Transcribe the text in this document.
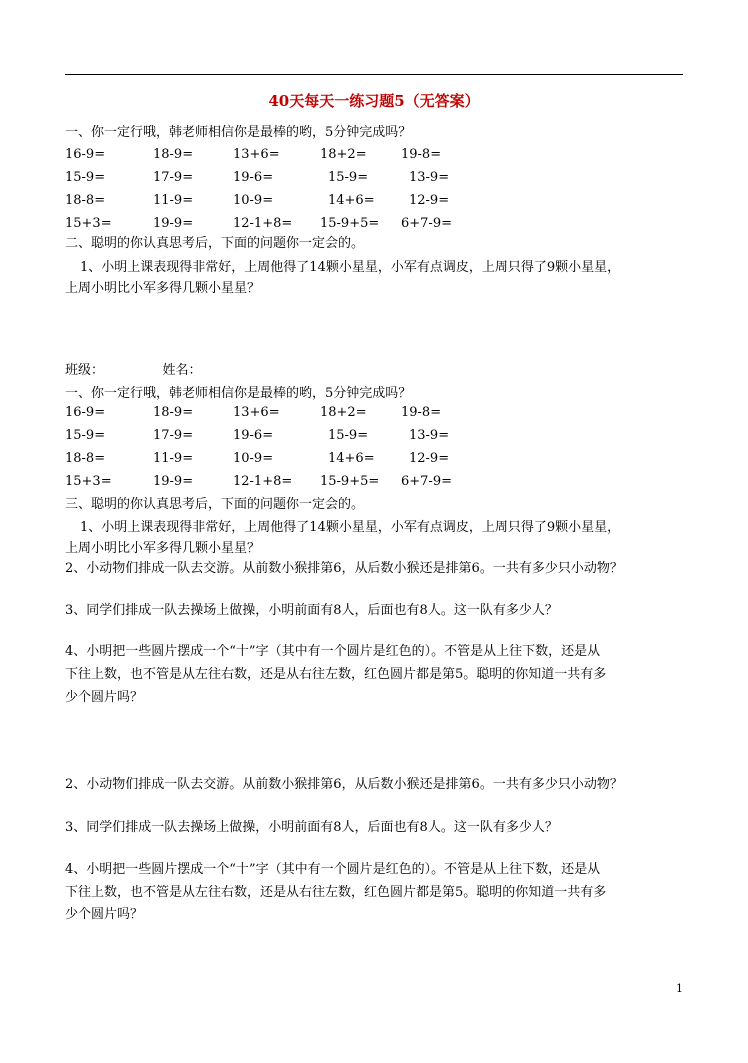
40天每天一练习题5（无答案）
一、你一定行哦，韩老师相信你是最棒的哟，5分钟完成吗？
16-9=	18-9=	13+6=	18+2=	19-8=
15-9=	17-9=	19-6=	15-9=	13-9=
18-8=	11-9=	10-9=	14+6=	12-9=
15+3=	19-9=	12-1+8= 15-9+5= 6+7-9=
二、聪明的你认真思考后，下面的问题你一定会的。
1、小明上课表现得非常好，上周他得了14颗小星星，小军有点调皮，上周只得了9颗小星星，
上周小明比小军多得几颗小星星？
班级：　　　　　姓名：
一、你一定行哦，韩老师相信你是最棒的哟，5分钟完成吗？
16-9=	18-9=	13+6=	18+2=	19-8=
15-9=	17-9=	19-6=	15-9=	13-9=
18-8=	11-9=	10-9=	14+6=	12-9=
15+3=	19-9=	12-1+8= 15-9+5= 6+7-9=
三、聪明的你认真思考后，下面的问题你一定会的。
1、小明上课表现得非常好，上周他得了14颗小星星，小军有点调皮，上周只得了9颗小星星，
上周小明比小军多得几颗小星星？
2、小动物们排成一队去交游。从前数小猴排第6，从后数小猴还是排第6。一共有多少只小动物？
3、同学们排成一队去操场上做操，小明前面有8人，后面也有8人。这一队有多少人？
4、小明把一些圆片摆成一个“十”字（其中有一个圆片是红色的）。不管是从上往下数，还是从
下往上数，也不管是从左往右数，还是从右往左数，红色圆片都是第5。聪明的你知道一共有多
少个圆片吗？
2、小动物们排成一队去交游。从前数小猴排第6，从后数小猴还是排第6。一共有多少只小动物？
3、同学们排成一队去操场上做操，小明前面有8人，后面也有8人。这一队有多少人？
4、小明把一些圆片摆成一个“十”字（其中有一个圆片是红色的）。不管是从上往下数，还是从
下往上数，也不管是从左往右数，还是从右往左数，红色圆片都是第5。聪明的你知道一共有多
少个圆片吗？
1
